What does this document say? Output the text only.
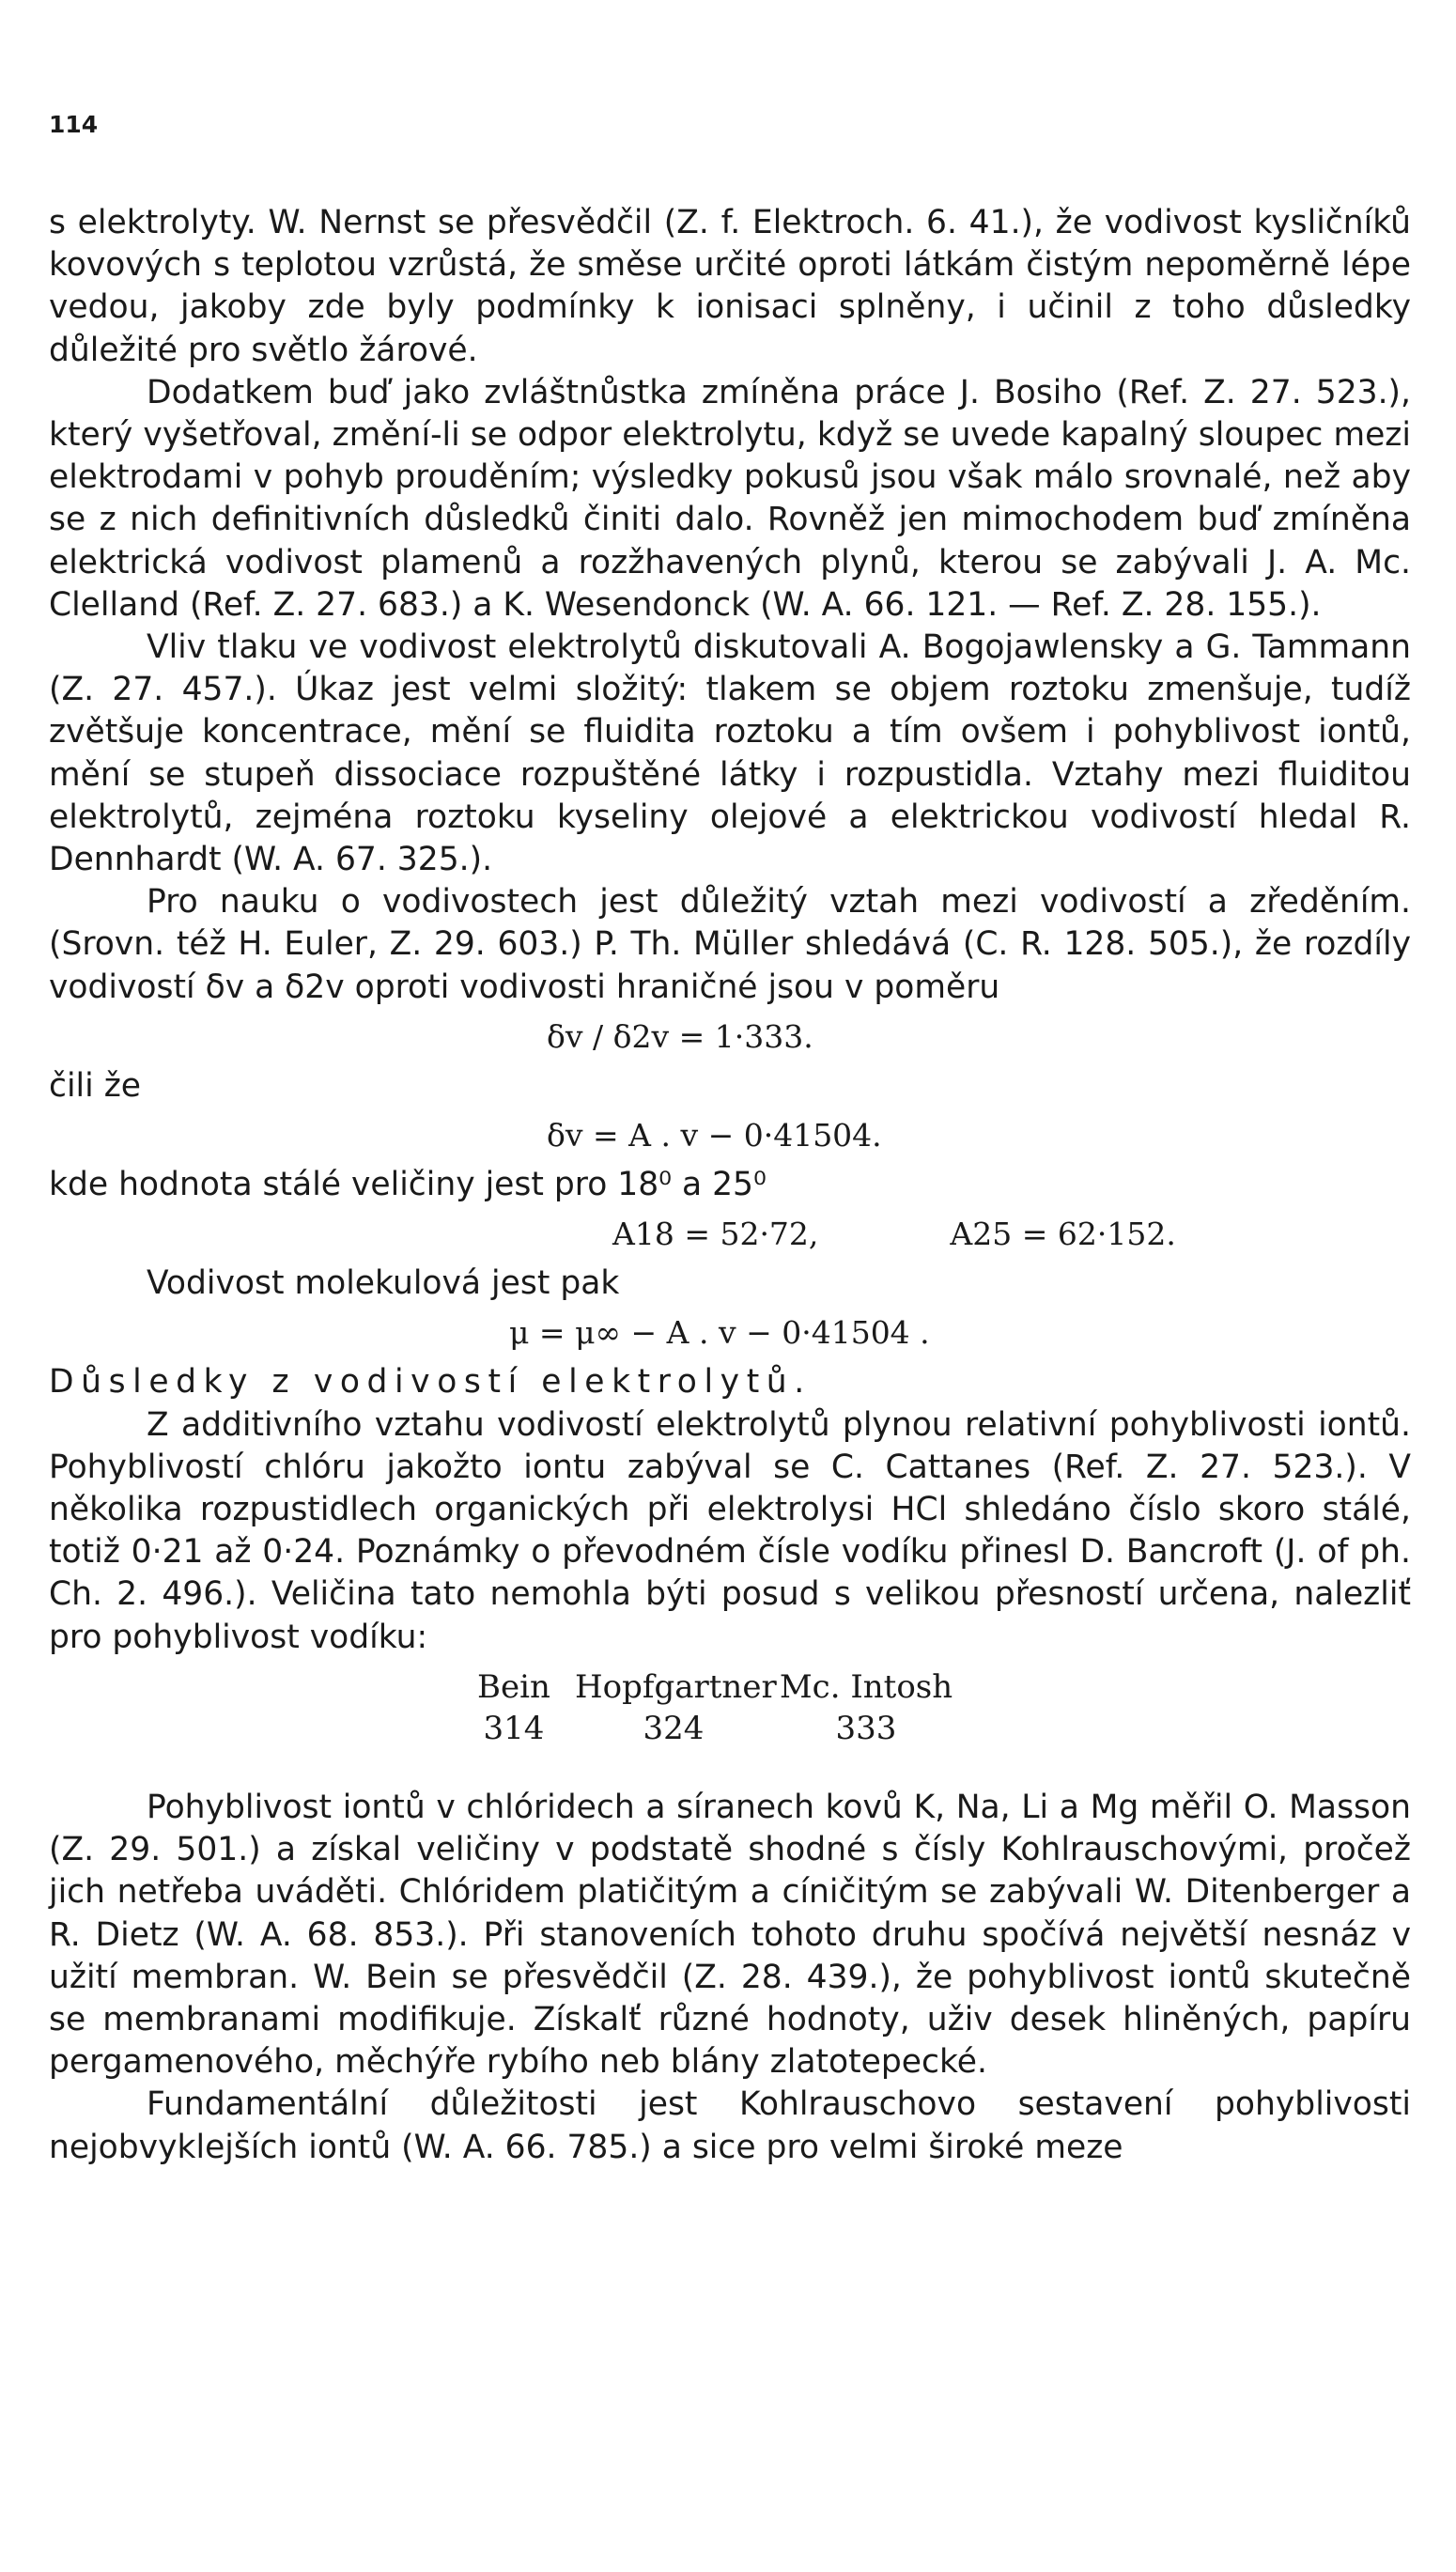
114

s elektrolyty. W. Nernst se přesvědčil (Z. f. Elektroch. 6. 41.), že vodivost kysličníků kovových s teplotou vzrůstá, že směse určité oproti látkám čistým nepoměrně lépe vedou, jakoby zde byly podmínky k ionisaci splněny, i učinil z toho důsledky důležité pro světlo žárové.

Dodatkem buď jako zvláštnůstka zmíněna práce J. Bosiho (Ref. Z. 27. 523.), který vyšetřoval, změní-li se odpor elektrolytu, když se uvede kapalný sloupec mezi elektrodami v pohyb prouděním; výsledky pokusů jsou však málo srovnalé, než aby se z nich definitivních důsledků činiti dalo. Rovněž jen mimochodem buď zmíněna elektrická vodivost plamenů a rozžhavených plynů, kterou se zabývali J. A. Mc. Clelland (Ref. Z. 27. 683.) a K. Wesendonck (W. A. 66. 121. — Ref. Z. 28. 155.).

Vliv tlaku ve vodivost elektrolytů diskutovali A. Bogojawlensky a G. Tammann (Z. 27. 457.). Úkaz jest velmi složitý: tlakem se objem roztoku zmenšuje, tudíž zvětšuje koncentrace, mění se fluidita roztoku a tím ovšem i pohyblivost iontů, mění se stupeň dissociace rozpuštěné látky i rozpustidla. Vztahy mezi fluiditou elektrolytů, zejména roztoku kyseliny olejové a elektrickou vodivostí hledal R. Dennhardt (W. A. 67. 325.).

Pro nauku o vodivostech jest důležitý vztah mezi vodivostí a zředěním. (Srovn. též H. Euler, Z. 29. 603.) P. Th. Müller shledává (C. R. 128. 505.), že rozdíly vodivostí δv a δ2v oproti vodivosti hraničné jsou v poměru

δv / δ2v = 1·333.

čili že

δv = A . v − 0·41504.

kde hodnota stálé veličiny jest pro 18⁰ a 25⁰

A18 = 52·72,	A25 = 62·152.

Vodivost molekulová jest pak

μ = μ∞ − A . v − 0·41504 .

Důsledky z vodivostí elektrolytů.

Z additivního vztahu vodivostí elektrolytů plynou relativní pohyblivosti iontů. Pohyblivostí chlóru jakožto iontu zabýval se C. Cattanes (Ref. Z. 27. 523.). V několika rozpustidlech organických při elektrolysi HCl shledáno číslo skoro stálé, totiž 0·21 až 0·24. Poznámky o převodném čísle vodíku přinesl D. Bancroft (J. of ph. Ch. 2. 496.). Veličina tato nemohla býti posud s velikou přesností určena, nalezliť pro pohyblivost vodíku:

Bein Hopfgartner Mc. Intosh
314	324	333

Pohyblivost iontů v chlóridech a síranech kovů K, Na, Li a Mg měřil O. Masson (Z. 29. 501.) a získal veličiny v podstatě shodné s čísly Kohlrauschovými, pročež jich netřeba uváděti. Chlóridem platičitým a cíničitým se zabývali W. Ditenberger a R. Dietz (W. A. 68. 853.). Při stanoveních tohoto druhu spočívá největší nesnáz v užití membran. W. Bein se přesvědčil (Z. 28. 439.), že pohyblivost iontů skutečně se membranami modifikuje. Získalť různé hodnoty, uživ desek hliněných, papíru pergamenového, měchýře rybího neb blány zlatotepecké.

Fundamentální důležitosti jest Kohlrauschovo sestavení pohyblivosti nejobvyklejších iontů (W. A. 66. 785.) a sice pro velmi široké meze
